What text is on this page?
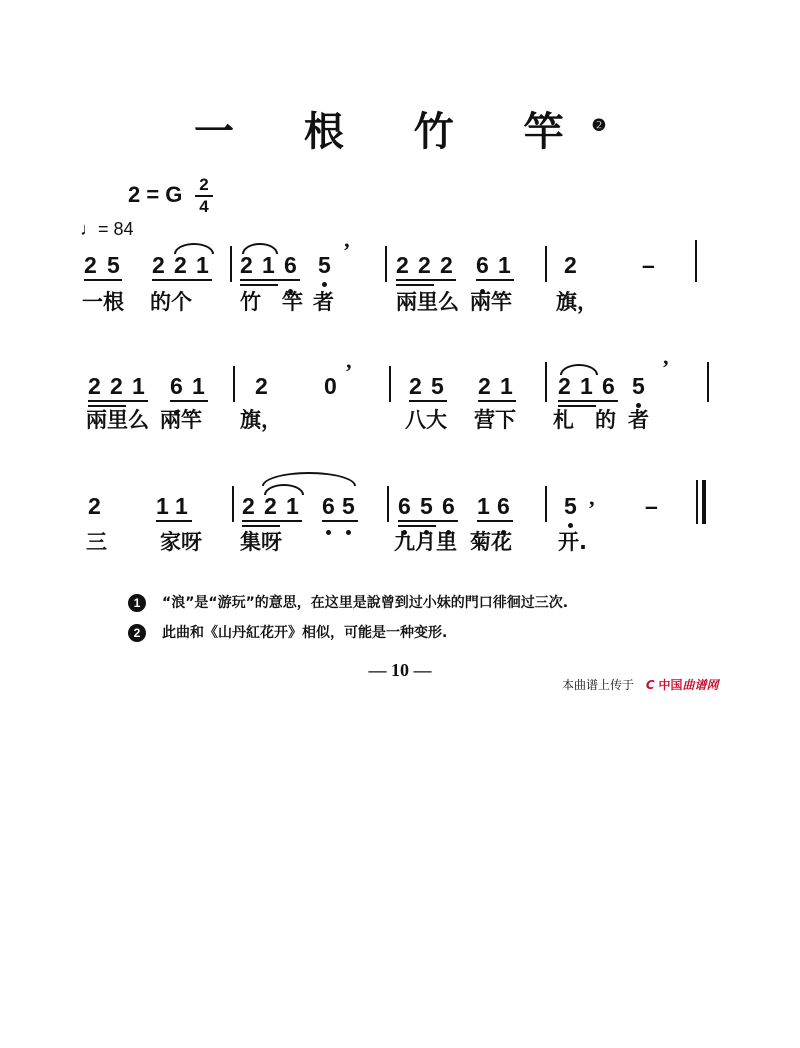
一 根 竹 竿$^❷$
2 = G 2
4
♩= 84
2 5 2 2 1 2 1 6 5	2 2 2 6 1 2	–
’
一根 的个 竹 竿 者	兩里么 兩竿 旗，
2 2 1 6 1 2 0	2 5 2 1 2 1 6 5
’	’
兩里么 兩竿 旗，	八大 营下 札 的 者
2 1 1 2 2 1 6 5 6 5 6 1 6 5	–
’
三	家呀 集呀	九月里 菊花 开.
1 “浪”是“游玩”的意思，在这里是說曾到过小妹的門口徘徊过三次.
2 此曲和《山丹紅花开》相似，可能是一种变形.
— 10 —
本曲谱上传于 C 中国曲谱网
